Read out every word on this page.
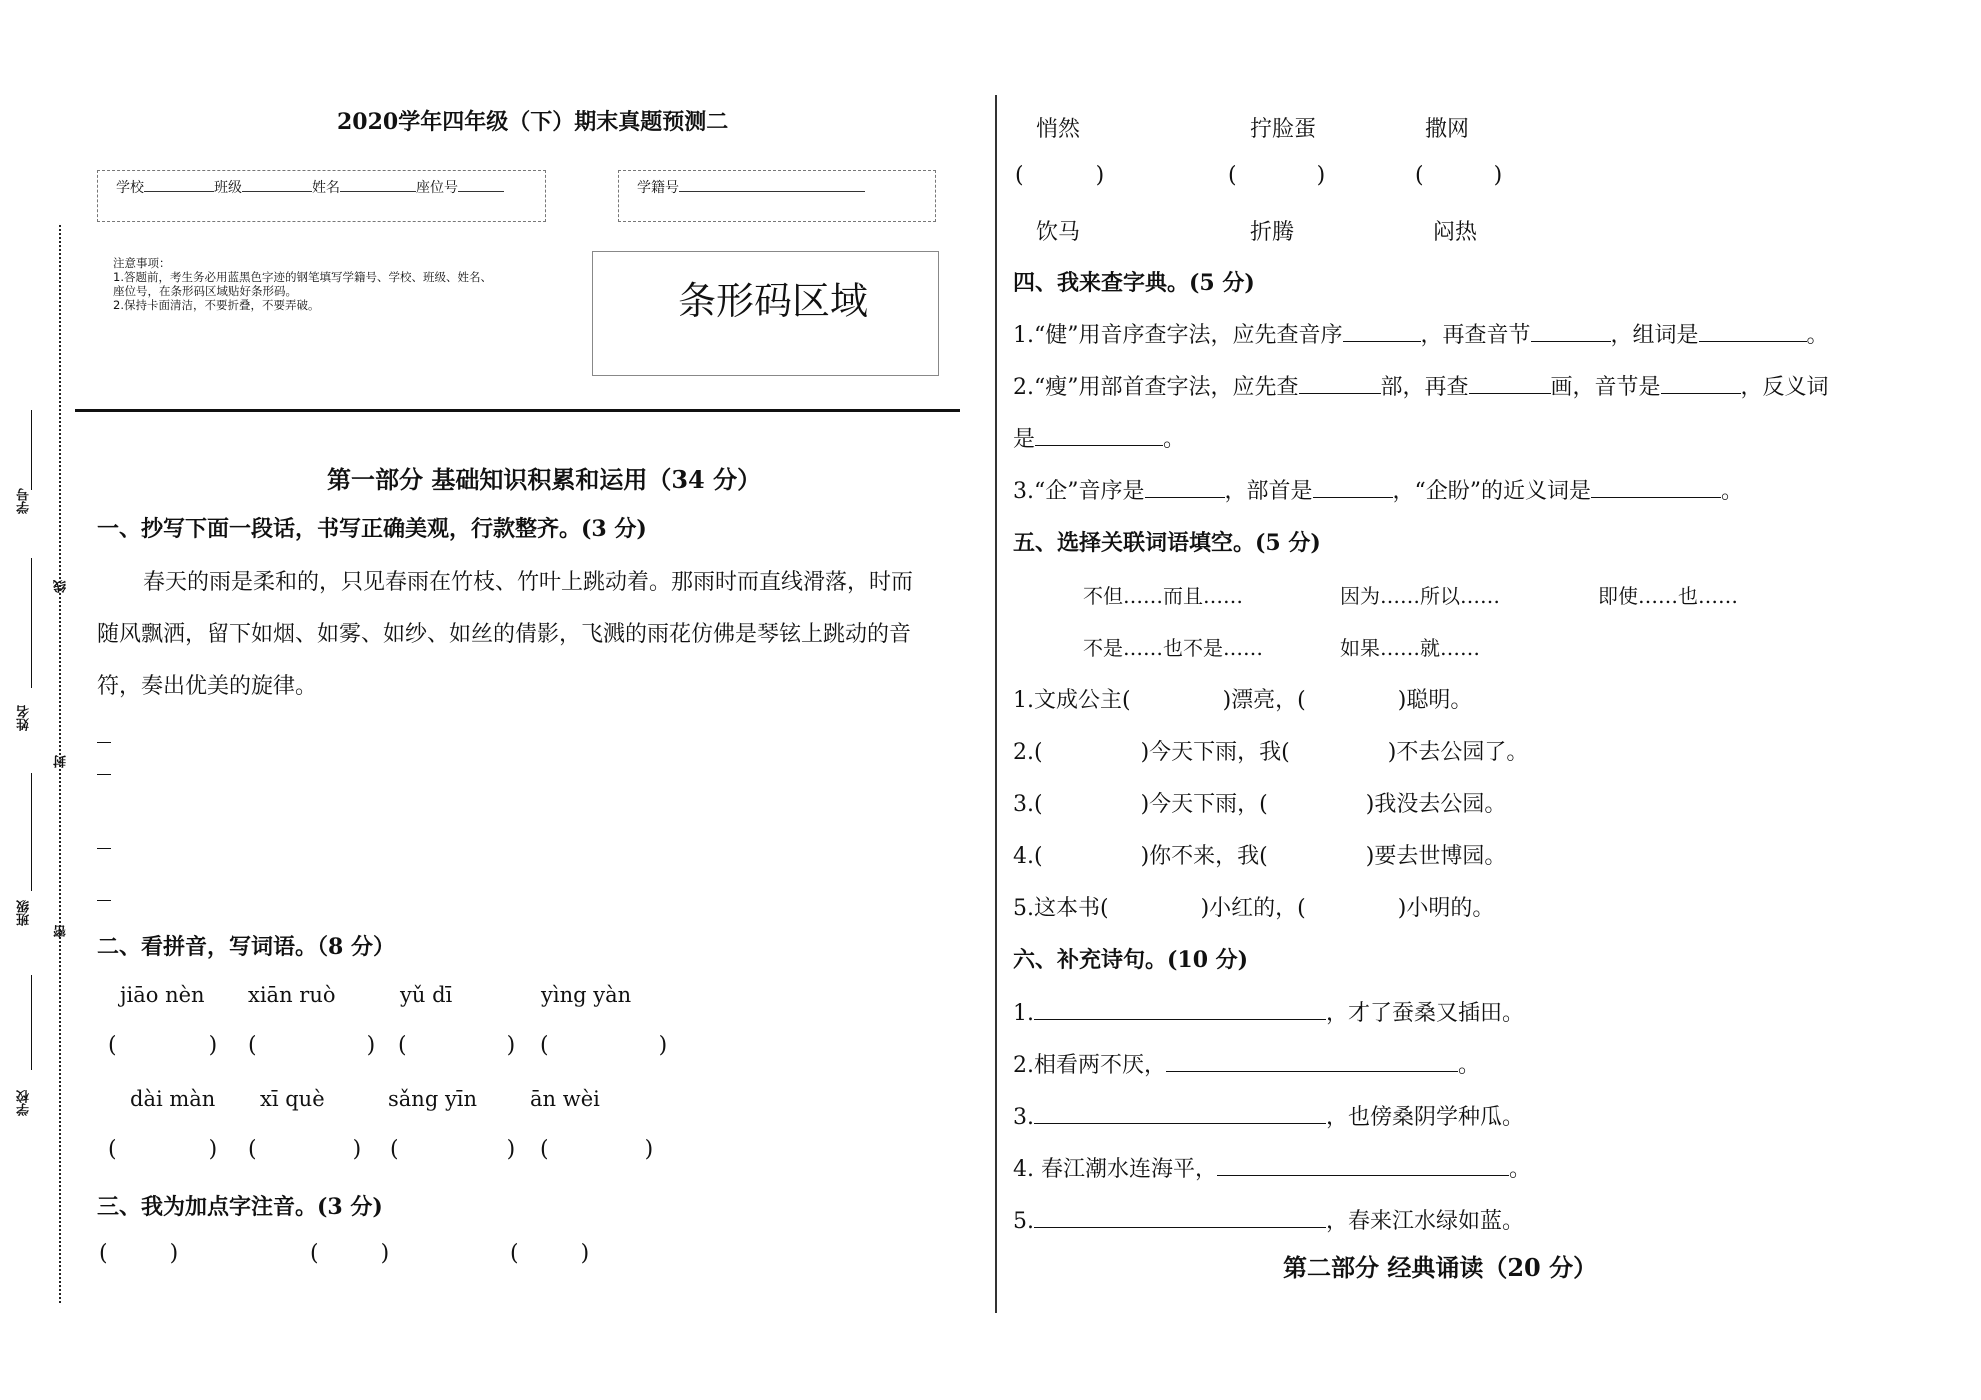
2020学年四年级（下）期末真题预测二
学校	班级	姓名	座位号	学籍号
注意事项：
1.答题前，考生务必用蓝黑色字迹的钢笔填写学籍号、学校、班级、姓名、
座位号，在条形码区域贴好条形码。
2.保持卡面清洁，不要折叠，不要弄破。	条形码区域
学号
线
姓名
封
班级
密
学校
第一部分 基础知识积累和运用（34 分）
一、抄写下面一段话，书写正确美观，行款整齐。(3 分)
春天的雨是柔和的，只见春雨在竹枝、竹叶上跳动着。那雨时而直线滑落，时而
随风飘洒，留下如烟、如雾、如纱、如丝的倩影，飞溅的雨花仿佛是琴铉上跳动的音
符，奏出优美的旋律。
二、看拼音，写词语。（8 分）
jiāo nèn xiān ruò	yǔ dī	yìng yàn
(	) (	) (	) (	)
dài màn xī què	sǎng yīn	ān wèi
(	) (	) (	) (	)
三、我为加点字注音。(3 分)
(	)	(	)	(	)
悄然	拧脸蛋	撒网
(	)	(	)	(	)
饮马	折腾	闷热
四、我来查字典。(5 分)
1.“健”用音序查字法，应先查音序	，再查音节	，组词是	。
2.“瘦”用部首查字法，应先查	部，再查	画，音节是	，反义词
是	。
3.“企”音序是	，部首是	，“企盼”的近义词是	。
五、选择关联词语填空。(5 分)
不但……而且……	因为……所以……	即使……也……
不是……也不是……	如果……就……
1.文成公主(	)漂亮，(	)聪明。
2.(	)今天下雨，我(	)不去公园了。
3.(	)今天下雨，(	)我没去公园。
4.(	)你不来，我(	)要去世博园。
5.这本书(	)小红的，(	)小明的。
六、补充诗句。(10 分)
1.	，才了蚕桑又插田。
2.相看两不厌，	。
3.	，也傍桑阴学种瓜。
4. 春江潮水连海平，	。
5.	，春来江水绿如蓝。
第二部分 经典诵读（20 分）
